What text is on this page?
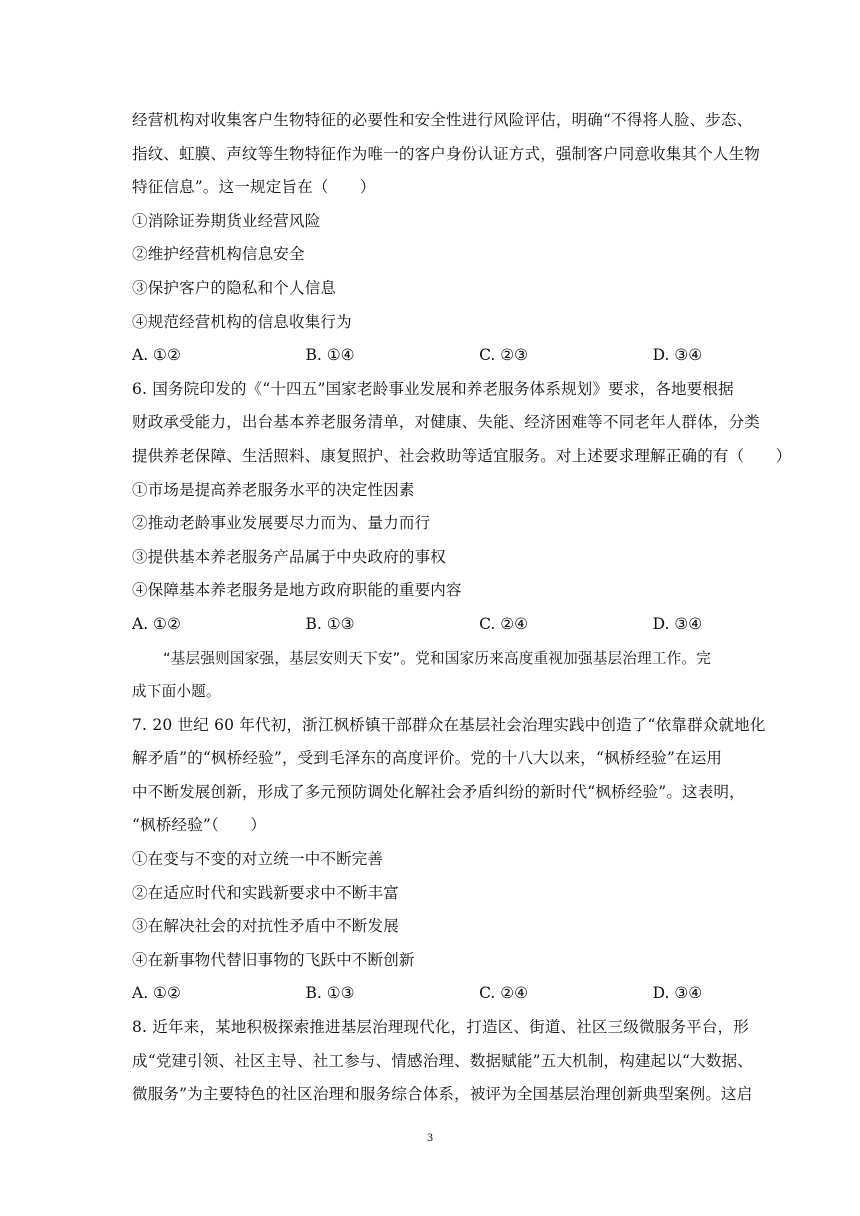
经营机构对收集客户生物特征的必要性和安全性进行风险评估，明确“不得将人脸、步态、
指纹、虹膜、声纹等生物特征作为唯一的客户身份认证方式，强制客户同意收集其个人生物
特征信息”。这一规定旨在（　　）
①消除证券期货业经营风险
②维护经营机构信息安全
③保护客户的隐私和个人信息
④规范经营机构的信息收集行为
A. ①②	B. ①④	C. ②③	D. ③④
6. 国务院印发的《“十四五”国家老龄事业发展和养老服务体系规划》要求，各地要根据
财政承受能力，出台基本养老服务清单，对健康、失能、经济困难等不同老年人群体，分类
提供养老保障、生活照料、康复照护、社会救助等适宜服务。对上述要求理解正确的有（　　）
①市场是提高养老服务水平的决定性因素
②推动老龄事业发展要尽力而为、量力而行
③提供基本养老服务产品属于中央政府的事权
④保障基本养老服务是地方政府职能的重要内容
A. ①②	B. ①③	C. ②④	D. ③④
“基层强则国家强，基层安则天下安”。党和国家历来高度重视加强基层治理工作。完
成下面小题。
7. 20 世纪 60 年代初，浙江枫桥镇干部群众在基层社会治理实践中创造了“依靠群众就地化
解矛盾”的“枫桥经验”，受到毛泽东的高度评价。党的十八大以来，“枫桥经验”在运用
中不断发展创新，形成了多元预防调处化解社会矛盾纠纷的新时代“枫桥经验”。这表明，
“枫桥经验”（　　）
①在变与不变的对立统一中不断完善
②在适应时代和实践新要求中不断丰富
③在解决社会的对抗性矛盾中不断发展
④在新事物代替旧事物的飞跃中不断创新
A. ①②	B. ①③	C. ②④	D. ③④
8. 近年来，某地积极探索推进基层治理现代化，打造区、街道、社区三级微服务平台，形
成“党建引领、社区主导、社工参与、情感治理、数据赋能”五大机制，构建起以“大数据、
微服务”为主要特色的社区治理和服务综合体系，被评为全国基层治理创新典型案例。这启
3
